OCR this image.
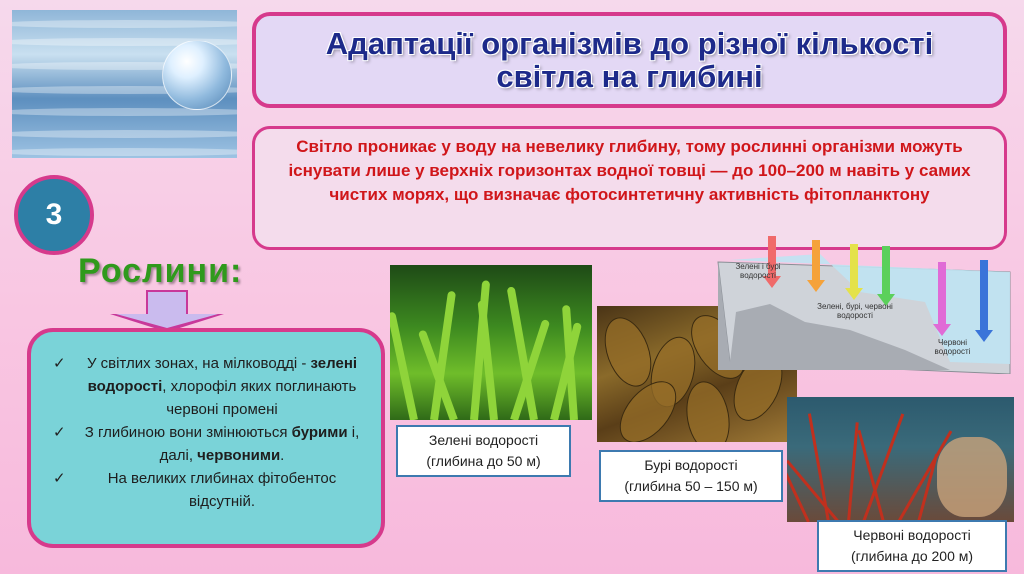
Адаптації організмів до різної кількості
світла на глибині
Світло проникає у воду на невелику глибину, тому рослинні організми можуть існувати лише у верхніх горизонтах водної товщі — до 100–200 м навіть у самих чистих морях, що визначає фотосинтетичну активність фітопланктону
3
Рослини:
✓ У світлих зонах, на мілководді - зелені водорості, хлорофіл яких поглинають червоні промені
✓ З глибиною вони змінюються бурими і, далі, червоними.
✓	На великих глибинах фітобентос відсутній.
Зелені і бурі водорості
Зелені, бурі, червоні водорості
Червоні водорості
Зелені водорості
(глибина до 50 м)	Бурі водорості
(глибина 50 – 150 м)
Червоні водорості
(глибина до 200 м)
